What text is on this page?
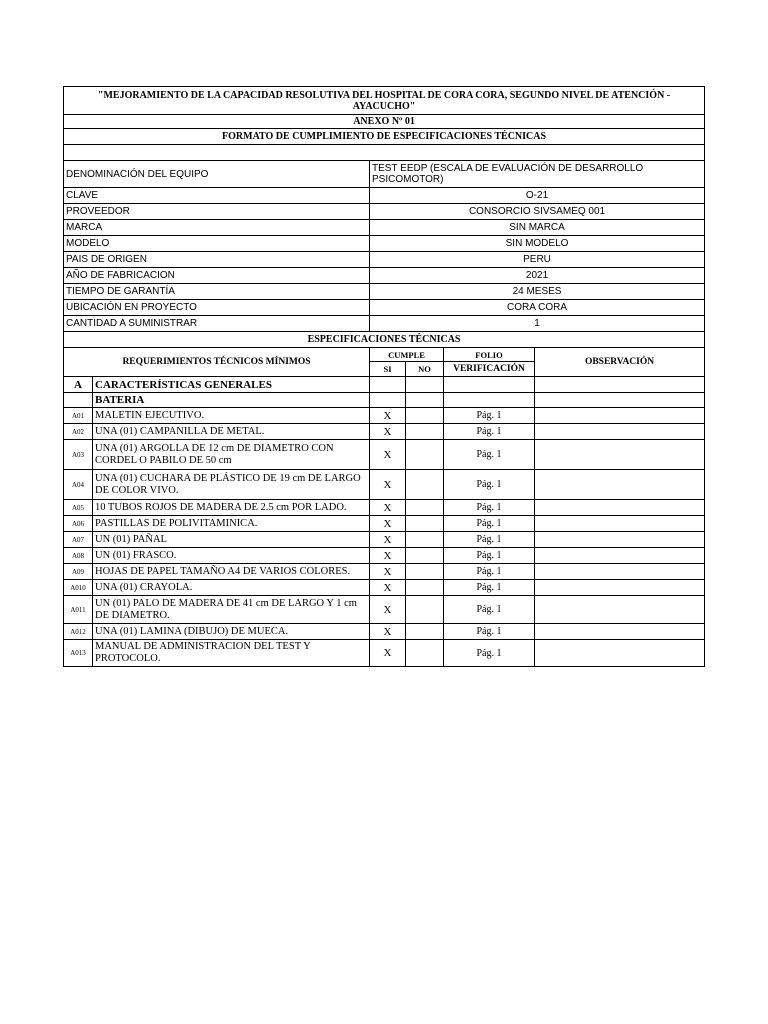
"MEJORAMIENTO DE LA CAPACIDAD RESOLUTIVA DEL HOSPITAL DE CORA CORA, SEGUNDO NIVEL DE ATENCIÓN - AYACUCHO"					
ANEXO Nº 01					
FORMATO DE CUMPLIMIENTO DE ESPECIFICACIONES TÉCNICAS					

DENOMINACIÓN DEL EQUIPO		TEST EEDP (ESCALA DE EVALUACIÓN DE DESARROLLO PSICOMOTOR)			
CLAVE		O-21			
PROVEEDOR		CONSORCIO SIVSAMEQ 001			
MARCA		SIN MARCA			
MODELO		SIN MODELO			
PAIS DE ORIGEN		PERU			
AÑO DE FABRICACION		2021			
TIEMPO DE GARANTÍA		24 MESES			
UBICACIÓN EN PROYECTO		CORA CORA			
CANTIDAD A SUMINISTRAR		1			
ESPECIFICACIONES TÉCNICAS					
REQUERIMIENTOS TÉCNICOS MÍNIMOS		CUMPLE		FOLIO	OBSERVACIÓN
		SI	NO	VERIFICACIÓN	
A	CARACTERÍSTICAS GENERALES				
	BATERIA				
A01	MALETIN EJECUTIVO.	X		Pág. 1	
A02	UNA (01) CAMPANILLA DE METAL.	X		Pág. 1	
A03	UNA (01) ARGOLLA DE 12 cm DE DIAMETRO CON CORDEL O PABILO DE 50 cm	X		Pág. 1	
A04	UNA (01) CUCHARA DE PLÁSTICO DE 19 cm DE LARGO DE COLOR VIVO.	X		Pág. 1	
A05	10 TUBOS ROJOS DE MADERA DE 2.5 cm POR LADO.	X		Pág. 1	
A06	PASTILLAS DE POLIVITAMINICA.	X		Pág. 1	
A07	UN (01) PAÑAL	X		Pág. 1	
A08	UN (01) FRASCO.	X		Pág. 1	
A09	HOJAS DE PAPEL TAMAÑO A4 DE VARIOS COLORES.	X		Pág. 1	
A010	UNA (01) CRAYOLA.	X		Pág. 1	
A011	UN (01) PALO DE MADERA DE 41 cm DE LARGO Y 1 cm DE DIAMETRO.	X		Pág. 1	
A012	UNA (01) LAMINA (DIBUJO) DE MUECA.	X		Pág. 1	
A013	MANUAL DE ADMINISTRACION DEL TEST Y PROTOCOLO.	X		Pág. 1	
